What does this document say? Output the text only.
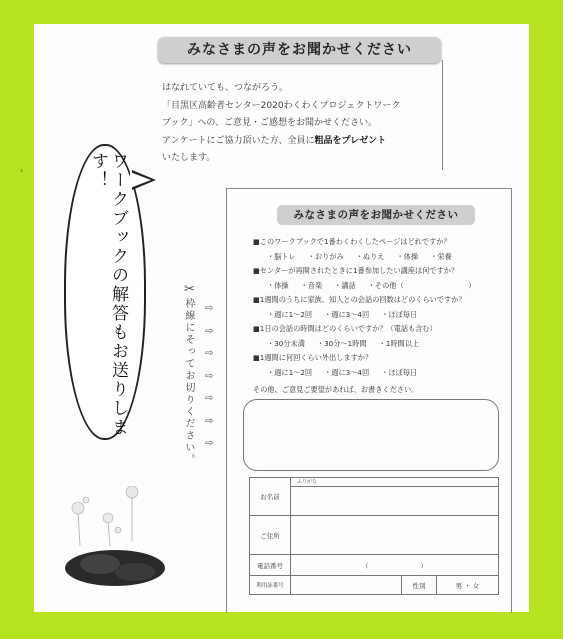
›
みなさまの声をお聞かせください
はなれていても、つながろう。
「目黒区高齢者センター2020わくわくプロジェクトワーク
ブック」への、ご意見・ご感想をお聞かせください。
アンケートにご協力頂いた方、全員に粗品をプレゼント
いたします。
ワークブックの解答もお送りします！
✂
枠線にそってお切りください。 ⇨
⇨
⇨
⇨
⇨
⇨
⇨
みなさまの声をお聞かせください
■このワークブックで1番わくわくしたページはどれですか？
・脳トレ ・おりがみ ・ぬりえ ・体操 ・栄養
■センターが再開されたときに1番参加したい講座は何ですか？
・体操 ・音楽 ・講話 ・その他（　　　　　　　　　）
■1週間のうちに家族、知人との会話の回数はどのくらいですか？
・週に1〜2回 ・週に3〜4回 ・ほぼ毎日
■1日の会話の時間はどのくらいですか？（電話も含む）
・30分未満 ・30分〜1時間 ・1時間以上
■1週間に何回くらい外出しますか？
・週に1〜2回 ・週に3〜4回 ・ほぼ毎日
その他、ご意見ご要望があれば、お書きください。
お名前	ふりがな		

ご住所			
電話番号	（　　　　　　　　）		
利用証番号		性別	男 ・ 女
